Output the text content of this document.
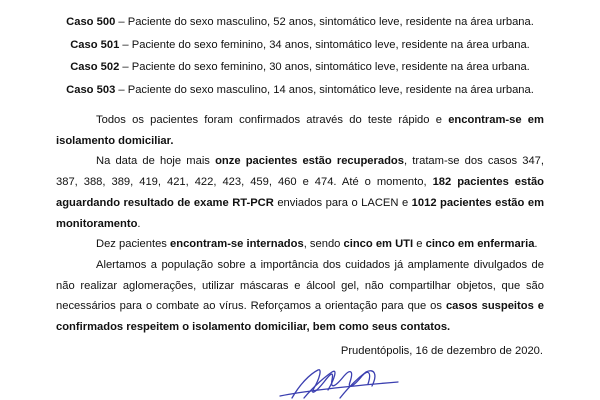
Caso 500 – Paciente do sexo masculino, 52 anos, sintomático leve, residente na área urbana.
Caso 501 – Paciente do sexo feminino, 34 anos, sintomático leve, residente na área urbana.
Caso 502 – Paciente do sexo feminino, 30 anos, sintomático leve, residente na área urbana.
Caso 503 – Paciente do sexo masculino, 14 anos, sintomático leve, residente na área urbana.

Todos os pacientes foram confirmados através do teste rápido e encontram-se em isolamento domiciliar.

Na data de hoje mais onze pacientes estão recuperados, tratam-se dos casos 347, 387, 388, 389, 419, 421, 422, 423, 459, 460 e 474. Até o momento, 182 pacientes estão aguardando resultado de exame RT-PCR enviados para o LACEN e 1012 pacientes estão em monitoramento.

Dez pacientes encontram-se internados, sendo cinco em UTI e cinco em enfermaria.

Alertamos a população sobre a importância dos cuidados já amplamente divulgados de não realizar aglomerações, utilizar máscaras e álcool gel, não compartilhar objetos, que são necessários para o combate ao vírus. Reforçamos a orientação para que os casos suspeitos e confirmados respeitem o isolamento domiciliar, bem como seus contatos.

Prudentópolis, 16 de dezembro de 2020.
